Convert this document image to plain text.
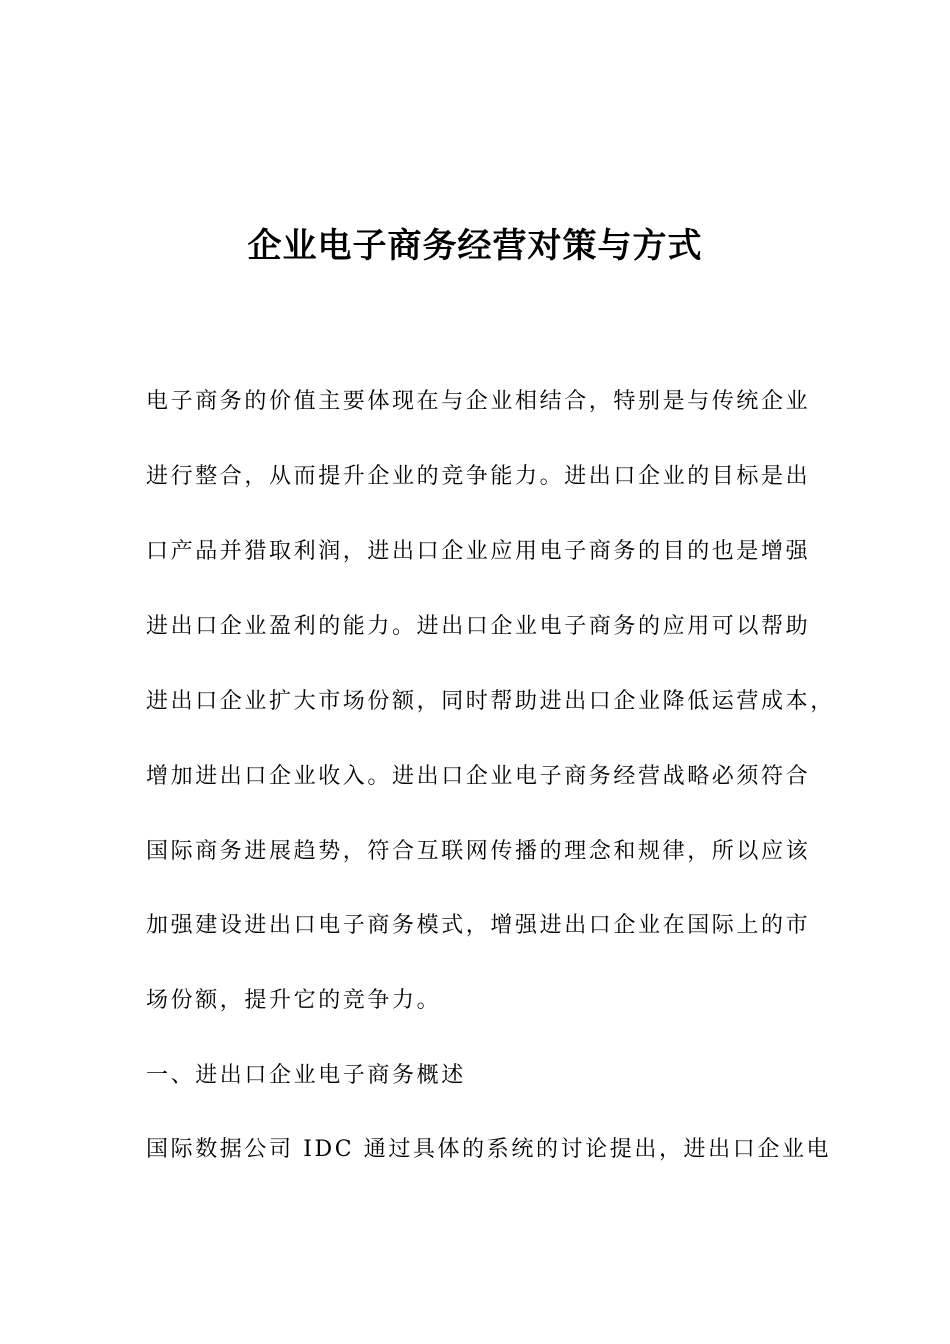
企业电子商务经营对策与方式
电子商务的价值主要体现在与企业相结合，特别是与传统企业
进行整合，从而提升企业的竞争能力。进出口企业的目标是出
口产品并猎取利润，进出口企业应用电子商务的目的也是增强
进出口企业盈利的能力。进出口企业电子商务的应用可以帮助
进出口企业扩大市场份额，同时帮助进出口企业降低运营成本，
增加进出口企业收入。进出口企业电子商务经营战略必须符合
国际商务进展趋势，符合互联网传播的理念和规律，所以应该
加强建设进出口电子商务模式，增强进出口企业在国际上的市
场份额，提升它的竞争力。
一、进出口企业电子商务概述
国际数据公司 IDC 通过具体的系统的讨论提出，进出口企业电
